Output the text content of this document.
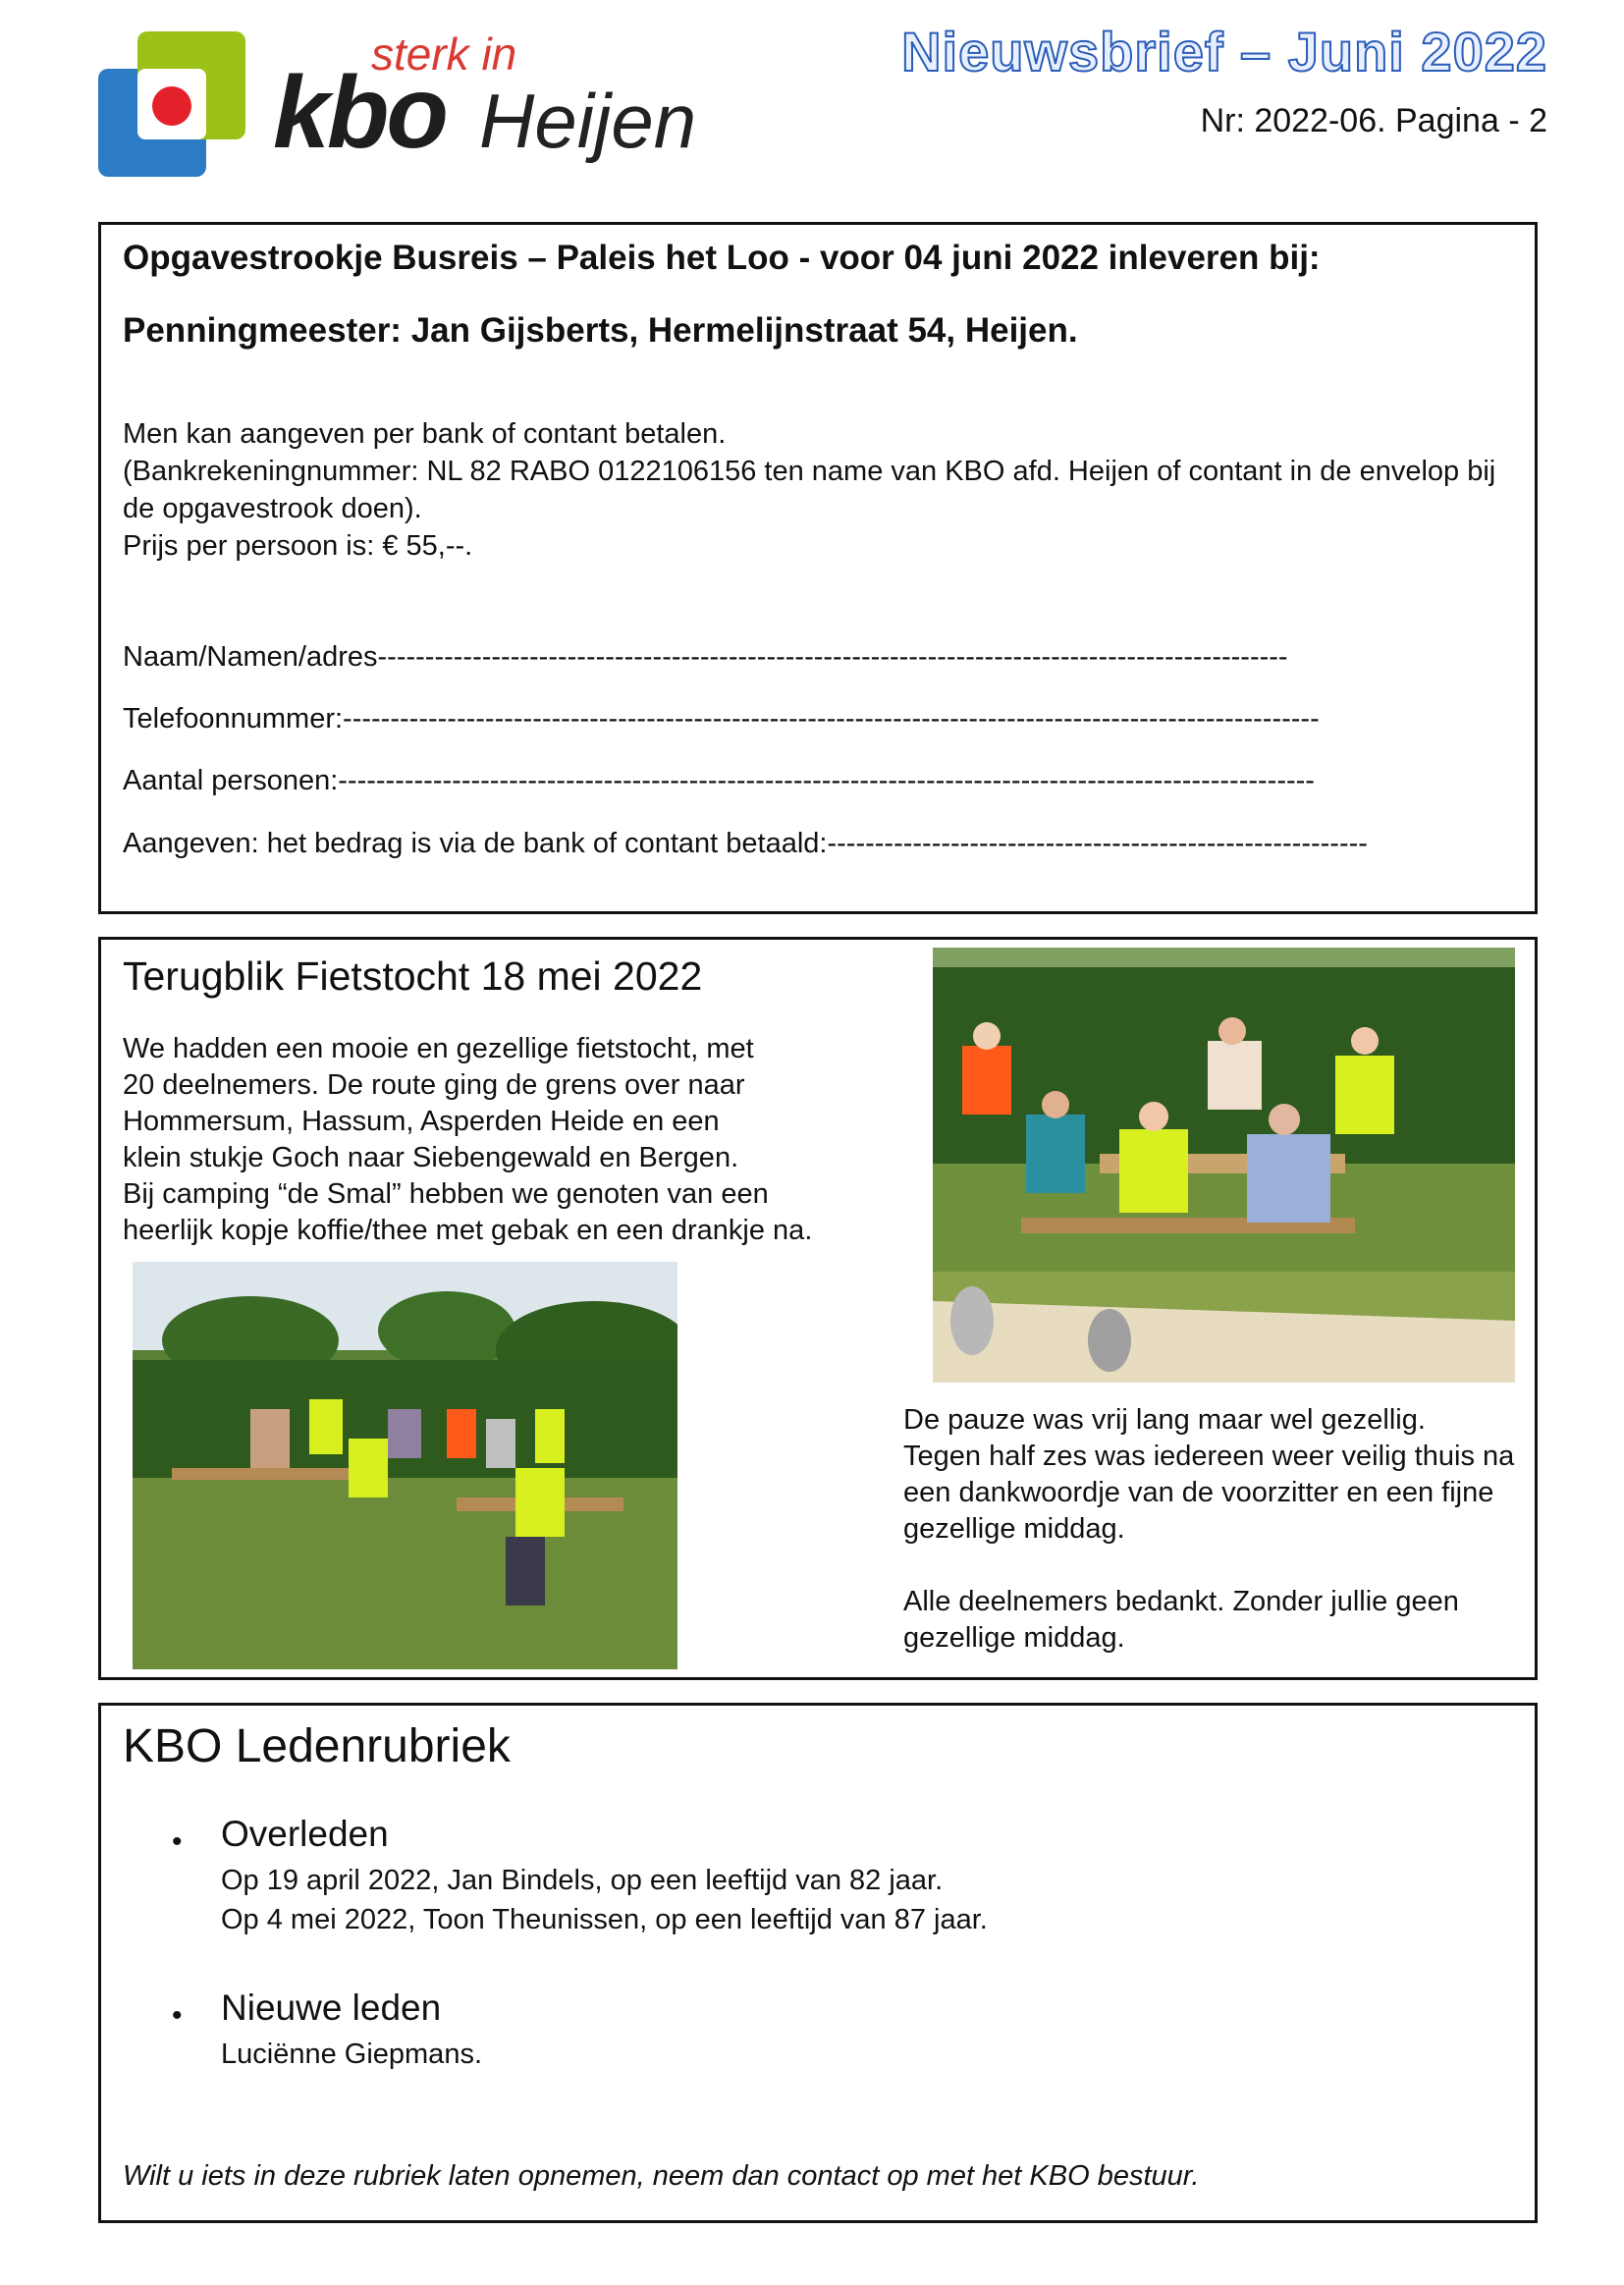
sterk in
kbo Heijen
Nieuwsbrief – Juni 2022
Nr: 2022-06. Pagina - 2
Opgavestrookje Busreis – Paleis het Loo - voor 04 juni 2022 inleveren bij:
Penningmeester: Jan Gijsberts, Hermelijnstraat 54, Heijen.
Men kan aangeven per bank of contant betalen.
(Bankrekeningnummer: NL 82 RABO 0122106156 ten name van KBO afd. Heijen of contant in de envelop bij de opgavestrook doen).
Prijs per persoon is: € 55,--.
Naam/Namen/adres------------------------------------------------------------------------------------------------
Telefoonnummer:-------------------------------------------------------------------------------------------------------
Aantal personen:-------------------------------------------------------------------------------------------------------
Aangeven: het bedrag is via de bank of contant betaald:---------------------------------------------------------
Terugblik Fietstocht 18 mei 2022
We hadden een mooie en gezellige fietstocht, met
20 deelnemers. De route ging de grens over naar
Hommersum, Hassum, Asperden Heide en een
klein stukje Goch naar Siebengewald en Bergen.
Bij camping “de Smal” hebben we genoten van een
heerlijk kopje koffie/thee met gebak en een drankje na.
De pauze was vrij lang maar wel gezellig.
Tegen half zes was iedereen weer veilig thuis na
een dankwoordje van de voorzitter en een fijne
gezellige middag.
Alle deelnemers bedankt. Zonder jullie geen
gezellige middag.
KBO Ledenrubriek
• Overleden
Op 19 april 2022, Jan Bindels, op een leeftijd van 82 jaar.
Op 4 mei 2022, Toon Theunissen, op een leeftijd van 87 jaar.
• Nieuwe leden
Luciënne Giepmans.
Wilt u iets in deze rubriek laten opnemen, neem dan contact op met het KBO bestuur.
